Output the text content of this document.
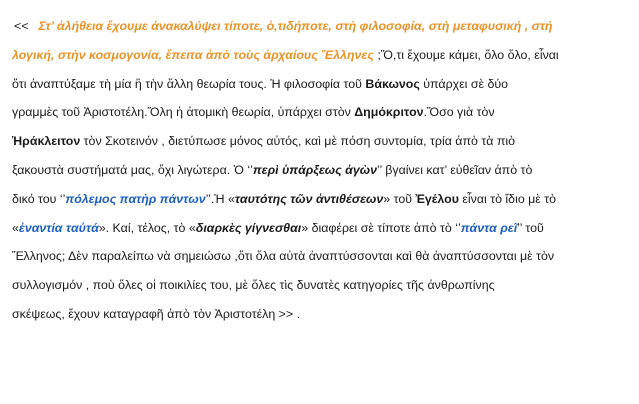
<< Στ’ ἀλήθεια ἔχουμε ἀνακαλύψει τίποτε, ὁ,τιδήποτε, στὴ φιλοσοφία, στὴ μεταφυσική , στή
λογική, στὴν κοσμογονία, ἔπειτα ἀπὸ τοὺς ἀρχαίους Ἕλληνες ;Ὅ,τι ἔχουμε κάμει, ὅλο ὅλο, εἶναι
ὅτι ἀναπτύξαμε τὴ μία ἢ τὴν ἄλλη θεωρία τους. Ἡ φιλοσοφία τοῦ Βάκωνος ὑπάρχει σὲ δύο
γραμμὲς τοῦ Ἀριστοτέλη.Ὅλη ἡ ἀτομικὴ θεωρία, ὑπάρχει στὸν Δημόκριτον.Ὅσο γιὰ τὸν
Ἡράκλειτον τὸν Σκοτεινόν , διετύπωσε μόνος αὐτός, καὶ μὲ πόση συντομία, τρία ἀπὸ τὰ πιὸ
ξακουστὰ συστήματά μας, ὄχι λιγώτερα. Ὁ ‘’περὶ ὑπάρξεως ἀγὼν’’ βγαίνει κατ’ εὐθεῖαν ἀπὸ τὸ
δικό του ‘’πόλεμος πατὴρ πάντων’’.Ἡ «ταυτότης τῶν ἀντιθέσεων» τοῦ Ἐγέλου εἶναι τὸ ἴδιο μὲ τὸ
«ἐναντία ταὐτά». Καί, τέλος, τὸ «διαρκὲς γίγνεσθαι» διαφέρει σὲ τίποτε ἀπὸ τὸ ‘’πάντα ρεῖ’’ τοῦ
Ἕλληνος; Δὲν παραλείπω νὰ σημειώσω ,ὅτι ὅλα αὐτὰ ἀναπτύσσονται καὶ θὰ ἀναπτύσσονται μὲ τὸν
συλλογισμόν , ποὺ ὅλες οἱ ποικιλίες του, μὲ ὅλες τὶς δυνατὲς κατηγορίες τῆς ἀνθρωπίνης
σκέψεως, ἔχουν καταγραφῆ ἀπὸ τὸν Ἀριστοτέλη >> .
